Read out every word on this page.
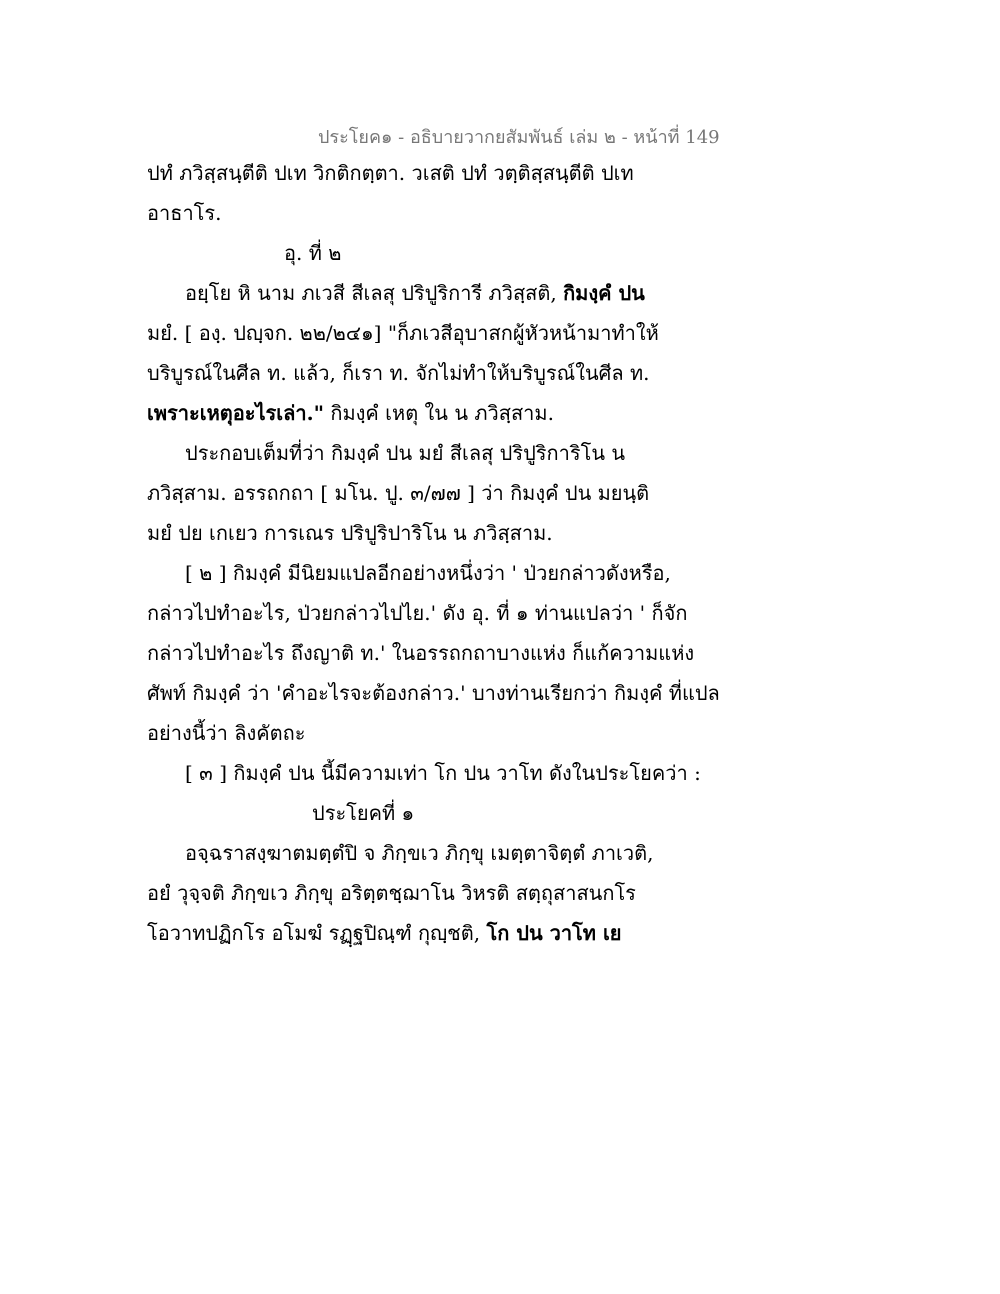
ประโยค๑ - อธิบายวากยสัมพันธ์ เล่ม ๒ - หน้าที่ 149
ปทํ ภวิสฺสนฺตีติ ปเท วิกติกตฺตา. วเสติ ปทํ วตฺติสฺสนฺตีติ ปเท
อาธาโร.
อุ. ที่ ๒
อยฺโย หิ นาม ภเวสี สีเลสุ ปริปูริการี ภวิสฺสติ, กิมงฺคํ ปน
มยํ. [ องฺ. ปญฺจก. ๒๒/๒๔๑] "ก็ภเวสีอุบาสกผู้หัวหน้ามาทำให้
บริบูรณ์ในศีล ท. แล้ว, ก็เรา ท. จักไม่ทำให้บริบูรณ์ในศีล ท.
เพราะเหตุอะไรเล่า." กิมงฺคํ เหตุ ใน น ภวิสฺสาม.
ประกอบเต็มที่ว่า กิมงฺคํ ปน มยํ สีเลสุ ปริปูริการิโน น
ภวิสฺสาม. อรรถกถา [ มโน. ปู. ๓/๗๗ ] ว่า กิมงฺคํ ปน มยนฺติ
มยํ ปย เกเยว การเณร ปริปูริปาริโน น ภวิสฺสาม.
[ ๒ ] กิมงฺคํ มีนิยมแปลอีกอย่างหนึ่งว่า ' ป่วยกล่าวดังหรือ,
กล่าวไปทำอะไร, ป่วยกล่าวไปไย.' ดัง อุ. ที่ ๑ ท่านแปลว่า ' ก็จัก
กล่าวไปทำอะไร ถึงญาติ ท.' ในอรรถกถาบางแห่ง ก็แก้ความแห่ง
ศัพท์ กิมงฺคํ ว่า 'คำอะไรจะต้องกล่าว.' บางท่านเรียกว่า กิมงฺคํ ที่แปล
อย่างนี้ว่า ลิงคัตถะ
[ ๓ ] กิมงฺคํ ปน นี้มีความเท่า โก ปน วาโท ดังในประโยคว่า :
ประโยคที่ ๑
อจฺฉราสงฺฆาตมตฺตํปิ จ ภิกฺขเว ภิกฺขุ เมตฺตาจิตฺตํ ภาเวติ,
อยํ วุจฺจติ ภิกฺขเว ภิกฺขุ อริตฺตชฺฌาโน วิหรติ สตฺถุสาสนกโร
โอวาทปฏิกโร อโมฆํ รฏฺฐปิณฺฑํ กุญฺชติ, โก ปน วาโท เย
